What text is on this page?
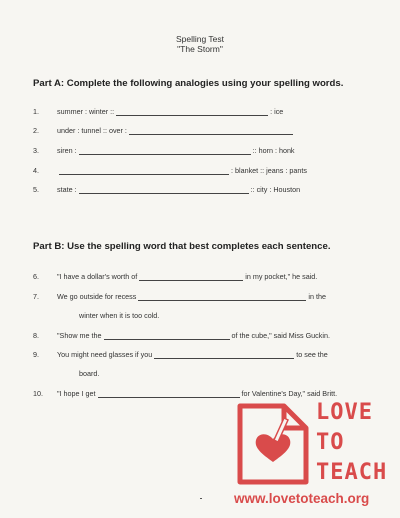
Spelling Test
"The Storm"
Part A: Complete the following analogies using your spelling words.
1.	summer : winter ::	: ice
2.	under : tunnel :: over :
3.	siren :	:: horn : honk
4.	: blanket :: jeans : pants
5.	state :	:: city : Houston
Part B: Use the spelling word that best completes each sentence.
6.	"I have a dollar's worth of	in my pocket," he said.
7.	We go outside for recess	in the
winter when it is too cold.
8.	"Show me the	of the cube," said Miss Guckin.
9.	You might need glasses if you	to see the
board.
10. "I hope I get	for Valentine's Day," said Britt.
LOVE
TO
TEACH
www.lovetoteach.org
